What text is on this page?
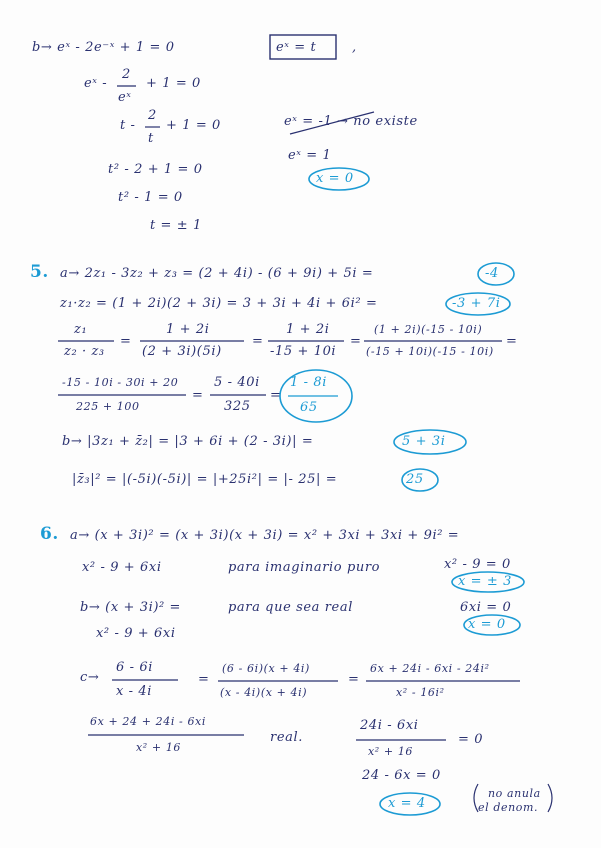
b→ eˣ - 2e⁻ˣ + 1 = 0	eˣ = t	,
eˣ -
2
eˣ
+ 1 = 0
t -
2
t
+ 1 = 0
t² - 2 + 1 = 0
t² - 1 = 0
t = ± 1
eˣ = -1 → no existe
eˣ = 1
x = 0
5. a→ 2z₁ - 3z₂ + z₃ = (2 + 4i) - (6 + 9i) + 5i =	-4
z₁·z₂ = (1 + 2i)(2 + 3i) = 3 + 3i + 4i + 6i² =	-3 + 7i
z₁
z₂ · z₃
=
1 + 2i
(2 + 3i)(5i)
=
1 + 2i
-15 + 10i
=
(1 + 2i)(-15 - 10i)
(-15 + 10i)(-15 - 10i)
=
-15 - 10i - 30i + 20
225 + 100
=
5 - 40i
325
=
1 - 8i
65
b→ |3z₁ + z̄₂| = |3 + 6i + (2 - 3i)| =	5 + 3i
|z̄₃|² = |(-5i)(-5i)| = |+25i²| = |- 25| =	25
6. a→ (x + 3i)² = (x + 3i)(x + 3i) = x² + 3xi + 3xi + 9i² =
x² - 9 + 6xi	para imaginario puro	x² - 9 = 0
x = ± 3
b→ (x + 3i)² =	para que sea real	6xi = 0
x = 0
x² - 9 + 6xi
c→
6 - 6i
x - 4i
=
(6 - 6i)(x + 4i)
(x - 4i)(x + 4i)
=
6x + 24i - 6xi - 24i²
x² - 16i²
6x + 24 + 24i - 6xi
x² + 16
real.
24i - 6xi
x² + 16
= 0
24 - 6x = 0
x = 4
no anula
el denom.
